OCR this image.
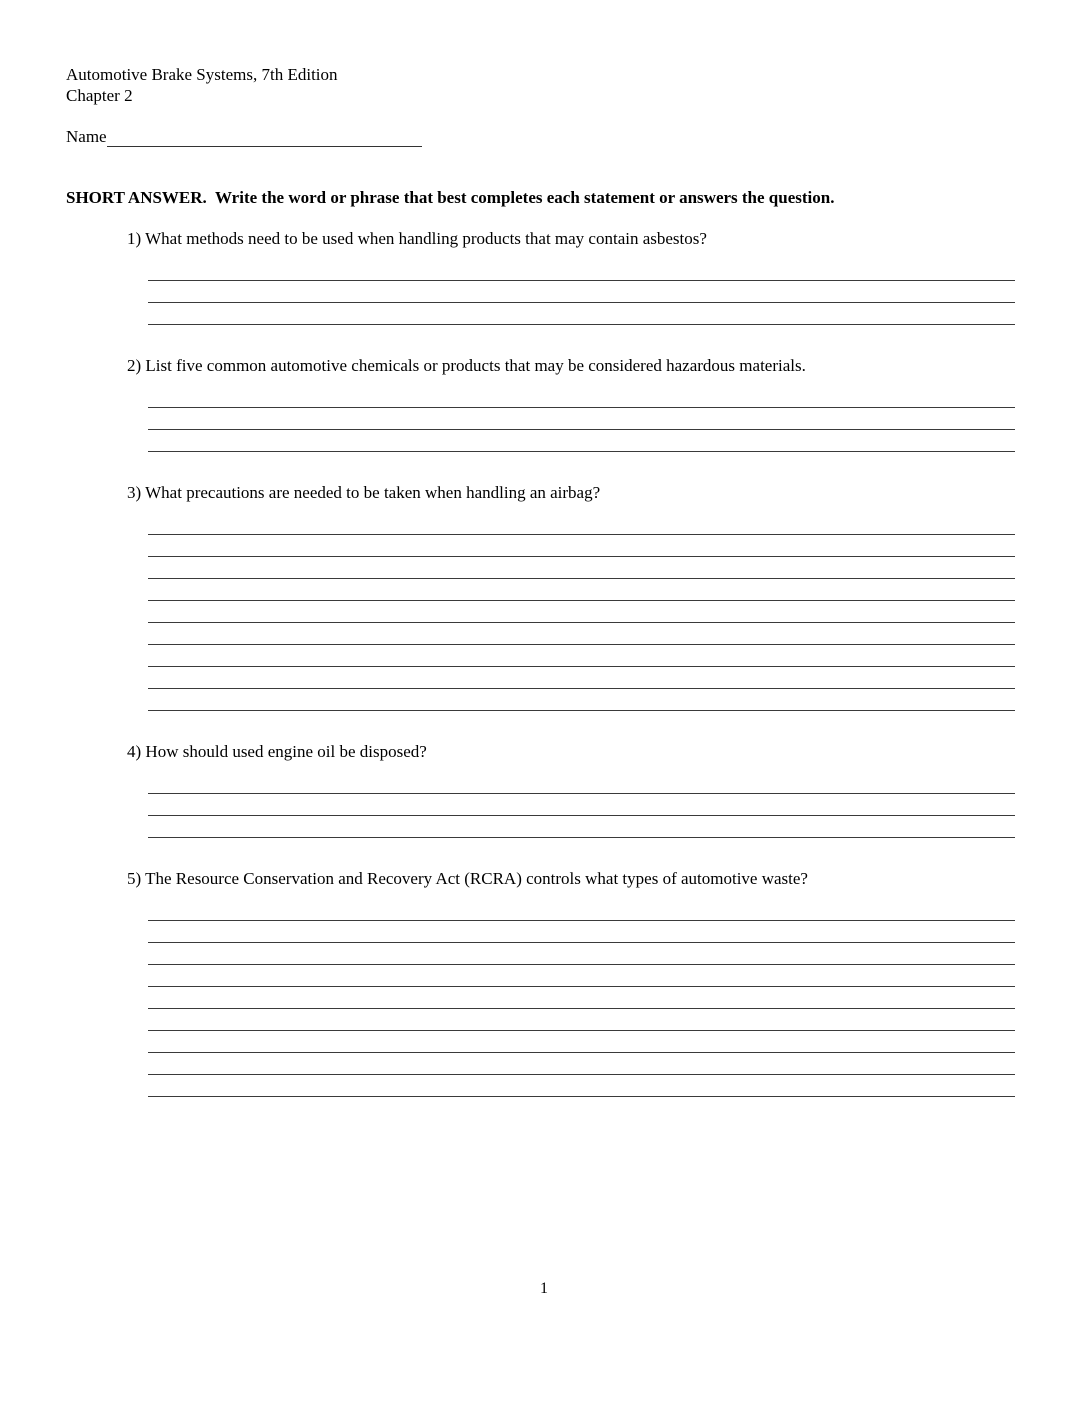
Automotive Brake Systems, 7th Edition
Chapter 2
Name
SHORT ANSWER.  Write the word or phrase that best completes each statement or answers the question.
1) What methods need to be used when handling products that may contain asbestos?
2) List five common automotive chemicals or products that may be considered hazardous materials.
3) What precautions are needed to be taken when handling an airbag?
4) How should used engine oil be disposed?
5) The Resource Conservation and Recovery Act (RCRA) controls what types of automotive waste?
1
